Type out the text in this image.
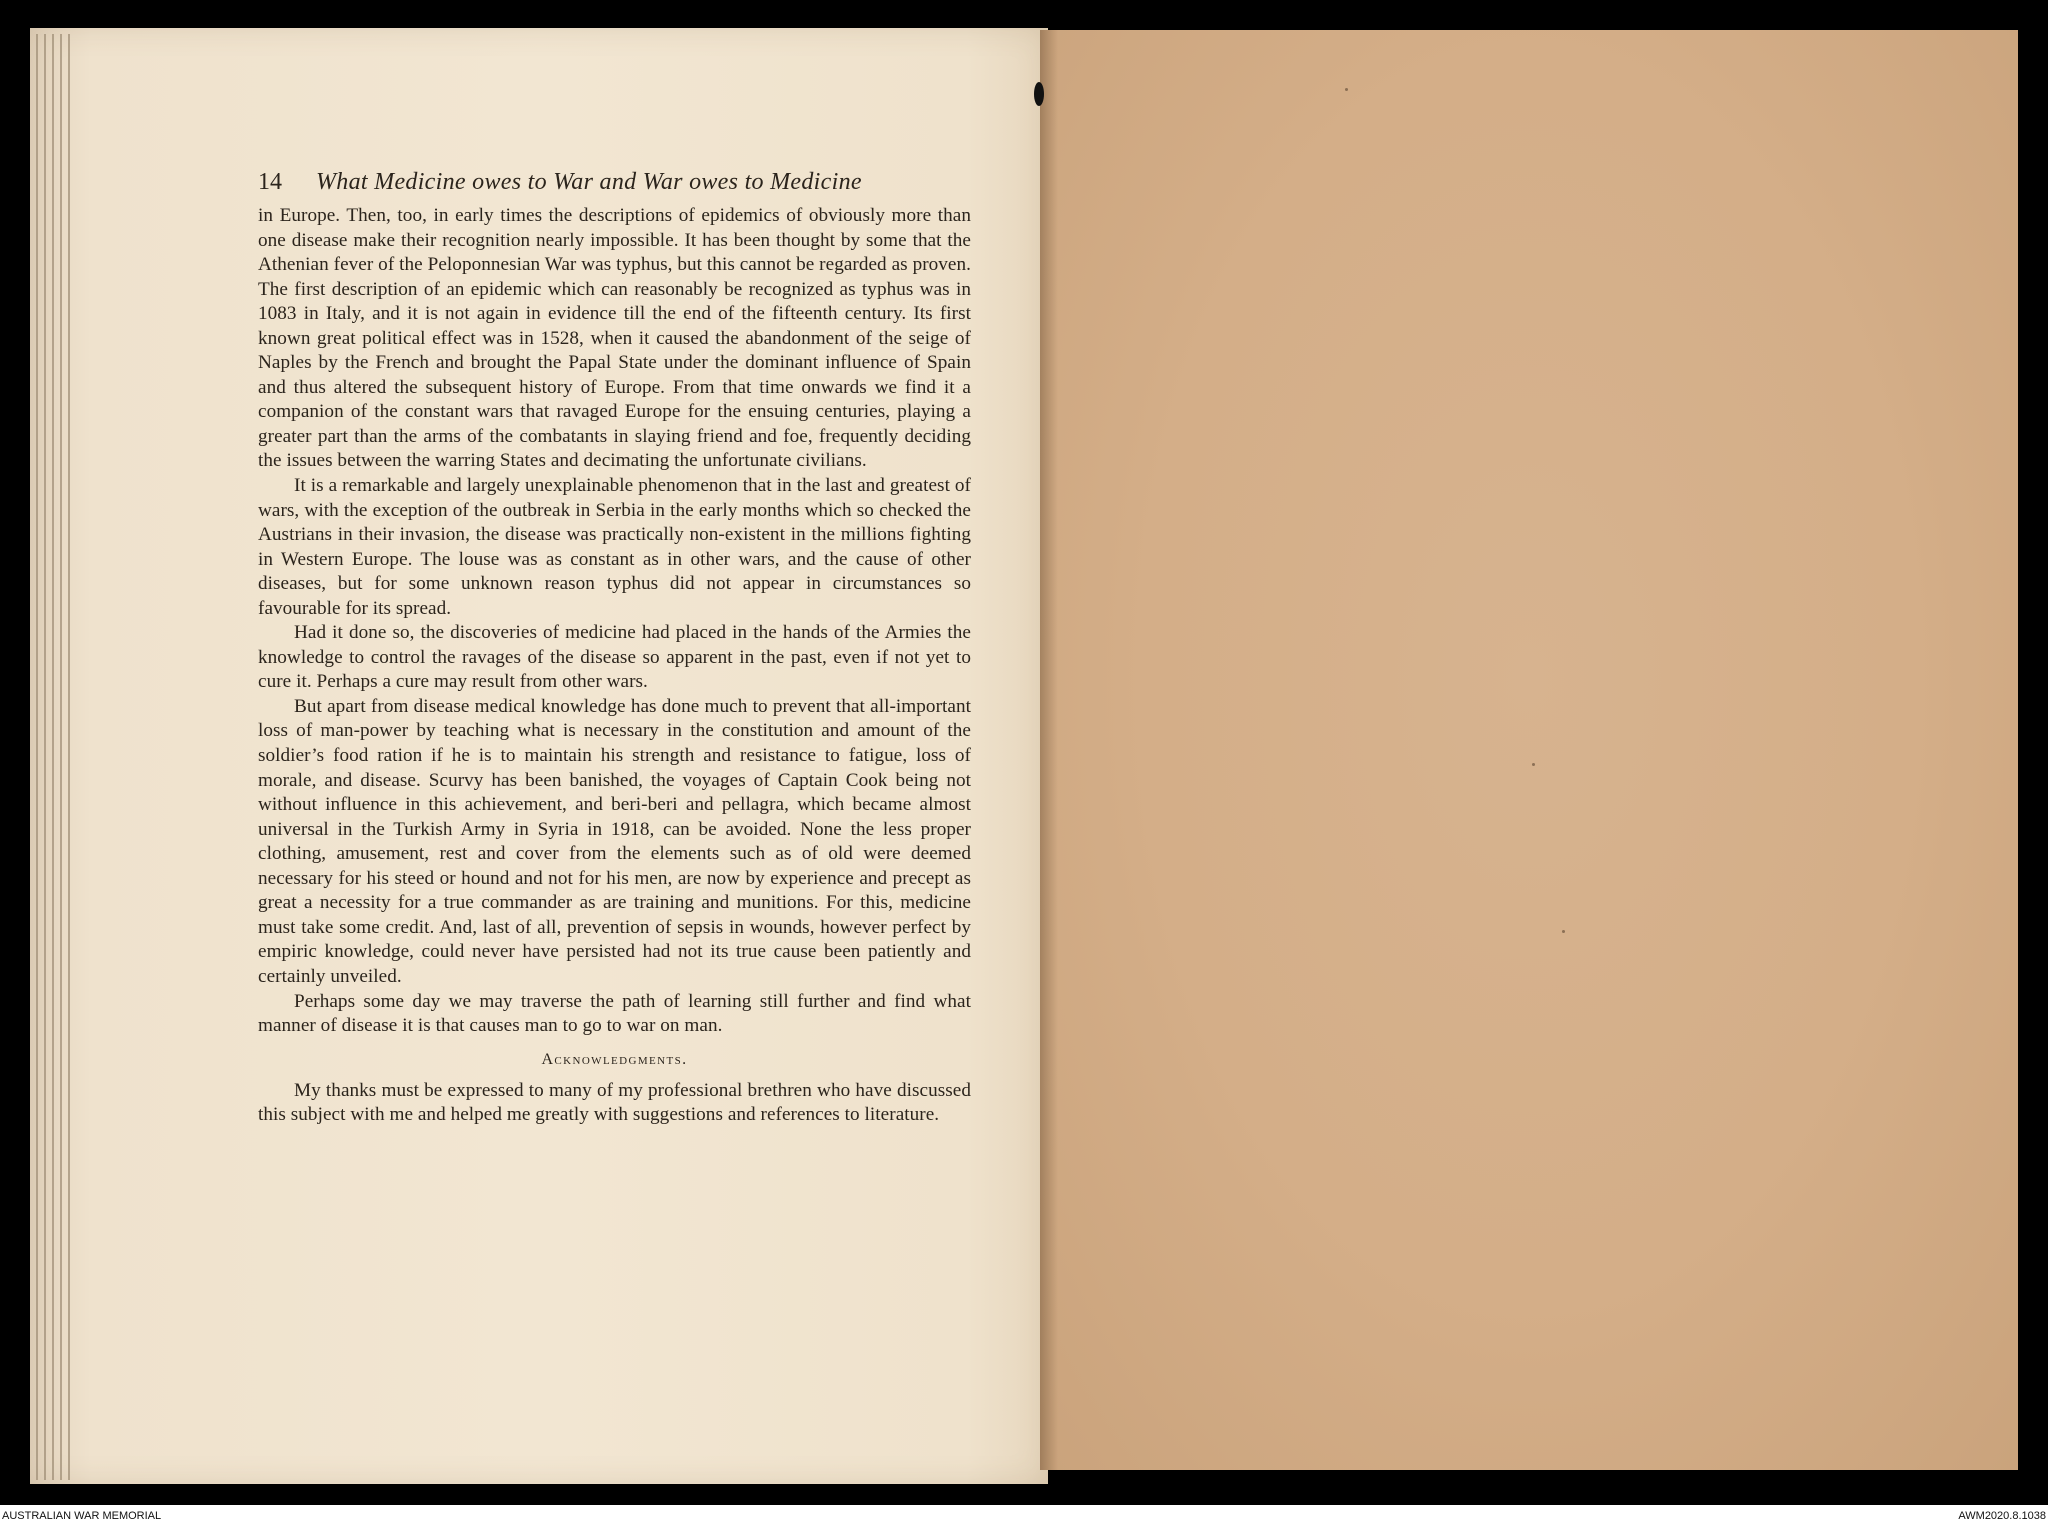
14 What Medicine owes to War and War owes to Medicine

in Europe. Then, too, in early times the descriptions of epidemics of obviously more than one disease make their recognition nearly impossible. It has been thought by some that the Athenian fever of the Peloponnesian War was typhus, but this cannot be regarded as proven. The first description of an epidemic which can reasonably be recognized as typhus was in 1083 in Italy, and it is not again in evidence till the end of the fifteenth century. Its first known great political effect was in 1528, when it caused the abandonment of the seige of Naples by the French and brought the Papal State under the dominant influence of Spain and thus altered the subsequent history of Europe. From that time onwards we find it a companion of the constant wars that ravaged Europe for the ensuing centuries, playing a greater part than the arms of the combatants in slaying friend and foe, frequently deciding the issues between the warring States and decimating the unfortunate civilians.

It is a remarkable and largely unexplainable phenomenon that in the last and greatest of wars, with the exception of the outbreak in Serbia in the early months which so checked the Austrians in their invasion, the disease was practically non-existent in the millions fighting in Western Europe. The louse was as constant as in other wars, and the cause of other diseases, but for some unknown reason typhus did not appear in circumstances so favourable for its spread.

Had it done so, the discoveries of medicine had placed in the hands of the Armies the knowledge to control the ravages of the disease so apparent in the past, even if not yet to cure it. Perhaps a cure may result from other wars.

But apart from disease medical knowledge has done much to prevent that all-important loss of man-power by teaching what is necessary in the constitution and amount of the soldier’s food ration if he is to maintain his strength and resistance to fatigue, loss of morale, and disease. Scurvy has been banished, the voyages of Captain Cook being not without influence in this achievement, and beri-beri and pellagra, which became almost universal in the Turkish Army in Syria in 1918, can be avoided. None the less proper clothing, amusement, rest and cover from the elements such as of old were deemed necessary for his steed or hound and not for his men, are now by experience and precept as great a necessity for a true commander as are training and munitions. For this, medicine must take some credit. And, last of all, prevention of sepsis in wounds, however perfect by empiric knowledge, could never have persisted had not its true cause been patiently and certainly unveiled.

Perhaps some day we may traverse the path of learning still further and find what manner of disease it is that causes man to go to war on man.

Acknowledgments.

My thanks must be expressed to many of my professional brethren who have discussed this subject with me and helped me greatly with suggestions and references to literature.

AUSTRALIAN WAR MEMORIAL	AWM2020.8.1038
